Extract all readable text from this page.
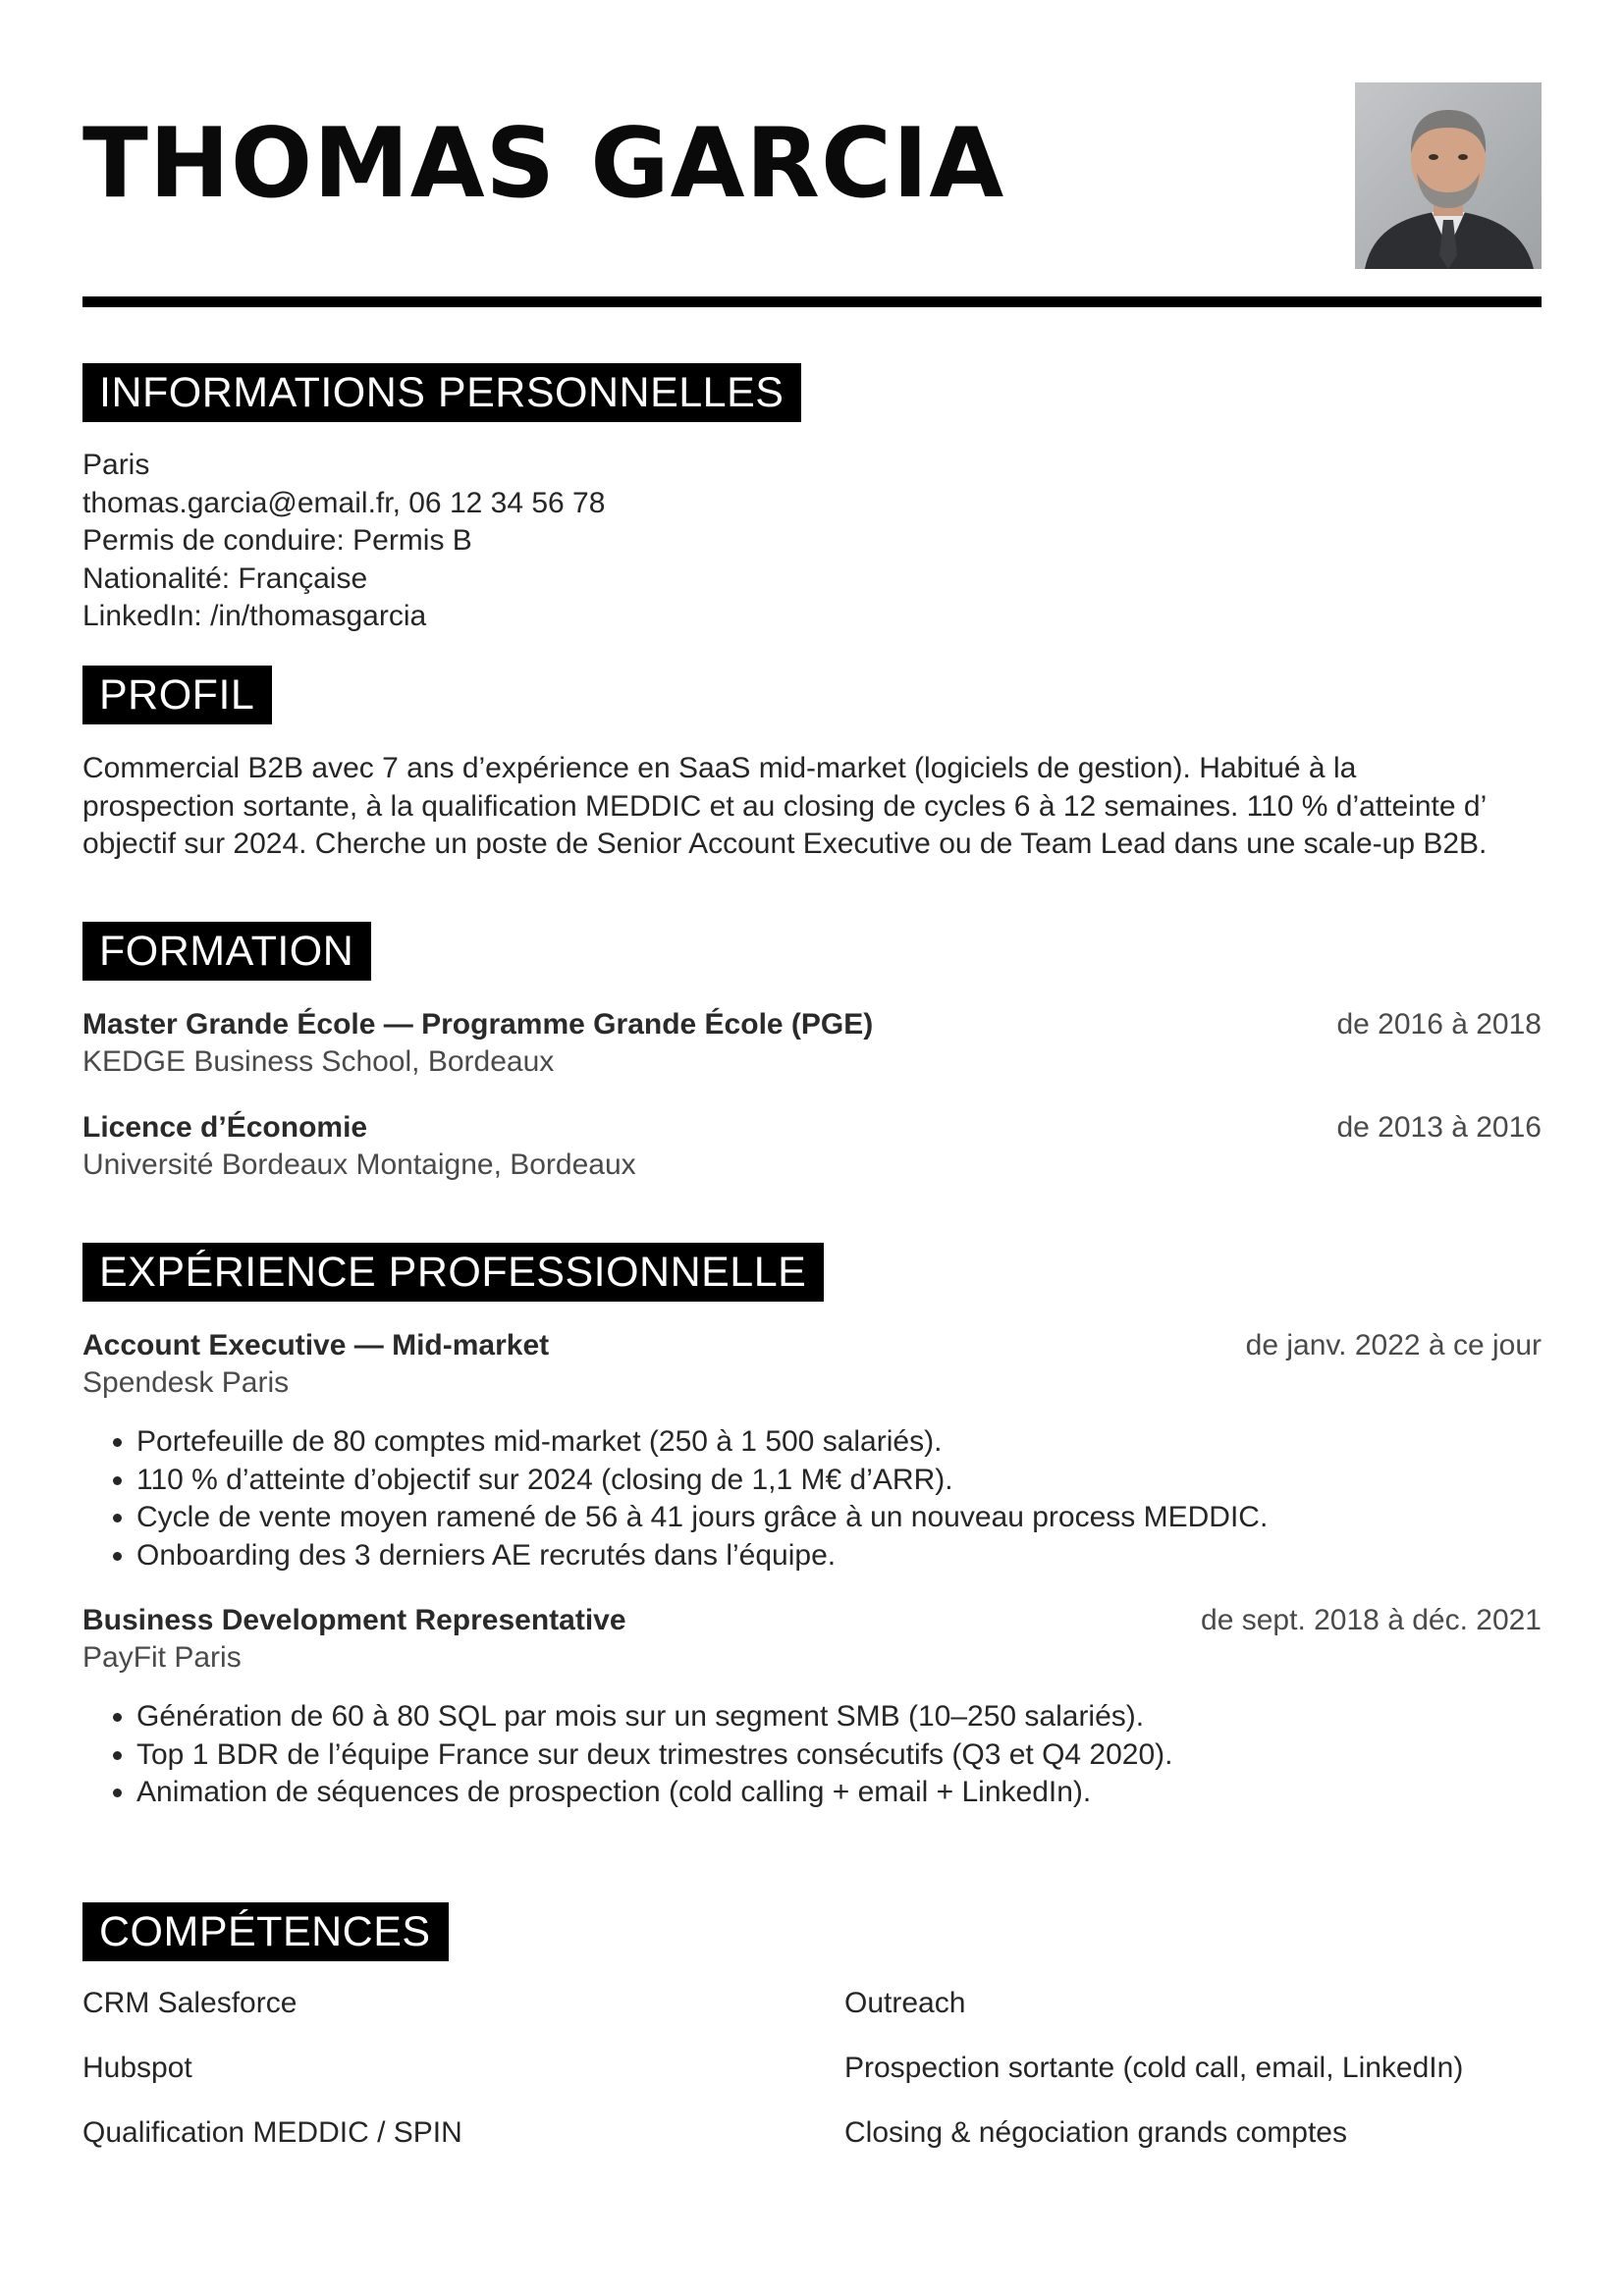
THOMAS GARCIA
INFORMATIONS PERSONNELLES
Paris
thomas.garcia@email.fr, 06 12 34 56 78
Permis de conduire: Permis B
Nationalité: Française
LinkedIn: /in/thomasgarcia
PROFIL
Commercial B2B avec 7 ans d’expérience en SaaS mid-market (logiciels de gestion). Habitué à la
prospection sortante, à la qualification MEDDIC et au closing de cycles 6 à 12 semaines. 110 % d’atteinte d’
objectif sur 2024. Cherche un poste de Senior Account Executive ou de Team Lead dans une scale-up B2B.
FORMATION
Master Grande École — Programme Grande École (PGE)
KEDGE Business School, Bordeaux
de 2016 à 2018
Licence d’Économie
Université Bordeaux Montaigne, Bordeaux
de 2013 à 2016
EXPÉRIENCE PROFESSIONNELLE
Account Executive — Mid-market
Spendesk Paris
de janv. 2022 à ce jour
• Portefeuille de 80 comptes mid-market (250 à 1 500 salariés).
• 110 % d’atteinte d’objectif sur 2024 (closing de 1,1 M€ d’ARR).
• Cycle de vente moyen ramené de 56 à 41 jours grâce à un nouveau process MEDDIC.
• Onboarding des 3 derniers AE recrutés dans l’équipe.
Business Development Representative
PayFit Paris
de sept. 2018 à déc. 2021
• Génération de 60 à 80 SQL par mois sur un segment SMB (10–250 salariés).
• Top 1 BDR de l’équipe France sur deux trimestres consécutifs (Q3 et Q4 2020).
• Animation de séquences de prospection (cold calling + email + LinkedIn).
COMPÉTENCES
CRM Salesforce	Outreach
Hubspot	Prospection sortante (cold call, email, LinkedIn)
Qualification MEDDIC / SPIN	Closing & négociation grands comptes
